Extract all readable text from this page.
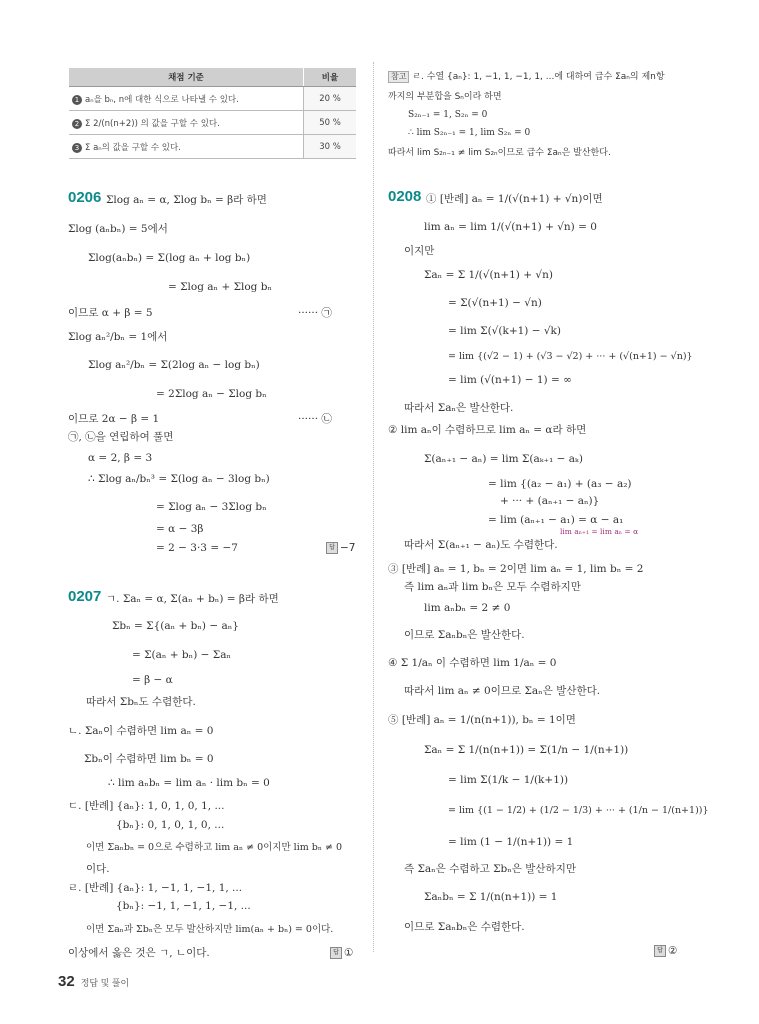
채점 기준	비율
1 aₙ을 bₙ, n에 대한 식으로 나타낼 수 있다.	20 %
2 Σ 2/(n(n+2)) 의 값을 구할 수 있다.	50 %
3 Σ aₙ의 값을 구할 수 있다.	30 %
0206 Σlog aₙ = α, Σlog bₙ = β라 하면
Σlog (aₙbₙ) = 5에서
Σlog(aₙbₙ) = Σ(log aₙ + log bₙ)
= Σlog aₙ + Σlog bₙ
이므로 α + β = 5	······ ㉠
Σlog aₙ²/bₙ = 1에서
Σlog aₙ²/bₙ = Σ(2log aₙ − log bₙ)
= 2Σlog aₙ − Σlog bₙ
이므로 2α − β = 1	······ ㉡
㉠, ㉡을 연립하여 풀면
α = 2, β = 3
∴ Σlog aₙ/bₙ³ = Σ(log aₙ − 3log bₙ)
= Σlog aₙ − 3Σlog bₙ
= α − 3β
= 2 − 3·3 = −7	답 −7
0207 ㄱ. Σaₙ = α, Σ(aₙ + bₙ) = β라 하면
Σbₙ = Σ{(aₙ + bₙ) − aₙ}
= Σ(aₙ + bₙ) − Σaₙ
= β − α
따라서 Σbₙ도 수렴한다.
ㄴ. Σaₙ이 수렴하면 lim aₙ = 0
Σbₙ이 수렴하면 lim bₙ = 0
∴ lim aₙbₙ = lim aₙ · lim bₙ = 0
ㄷ. [반례] {aₙ}: 1, 0, 1, 0, 1, ...
{bₙ}: 0, 1, 0, 1, 0, ...
이면 Σaₙbₙ = 0으로 수렴하고 lim aₙ ≠ 0이지만 lim bₙ ≠ 0
이다.
ㄹ. [반례] {aₙ}: 1, −1, 1, −1, 1, ...
{bₙ}: −1, 1, −1, 1, −1, ...
이면 Σaₙ과 Σbₙ은 모두 발산하지만 lim(aₙ + bₙ) = 0이다.
이상에서 옳은 것은 ㄱ, ㄴ이다.	답 ①
참고 ㄹ. 수열 {aₙ}: 1, −1, 1, −1, 1, ...에 대하여 급수 Σaₙ의 제n항
까지의 부분합을 Sₙ이라 하면
S₂ₙ₋₁ = 1, S₂ₙ = 0
∴ lim S₂ₙ₋₁ = 1, lim S₂ₙ = 0
따라서 lim S₂ₙ₋₁ ≠ lim S₂ₙ이므로 급수 Σaₙ은 발산한다.
0208 ① [반례] aₙ = 1/(√(n+1) + √n)이면
lim aₙ = lim 1/(√(n+1) + √n) = 0
이지만
Σaₙ = Σ 1/(√(n+1) + √n)
= Σ(√(n+1) − √n)
= lim Σ(√(k+1) − √k)
= lim {(√2 − 1) + (√3 − √2) + ··· + (√(n+1) − √n)}
= lim (√(n+1) − 1) = ∞
따라서 Σaₙ은 발산한다.
② lim aₙ이 수렴하므로 lim aₙ = α라 하면
Σ(aₙ₊₁ − aₙ) = lim Σ(aₖ₊₁ − aₖ)
= lim {(a₂ − a₁) + (a₃ − a₂)
+ ··· + (aₙ₊₁ − aₙ)}
= lim (aₙ₊₁ − a₁) = α − a₁
lim aₙ₊₁ = lim aₙ = α
따라서 Σ(aₙ₊₁ − aₙ)도 수렴한다.
③ [반례] aₙ = 1, bₙ = 2이면 lim aₙ = 1, lim bₙ = 2
즉 lim aₙ과 lim bₙ은 모두 수렴하지만
lim aₙbₙ = 2 ≠ 0
이므로 Σaₙbₙ은 발산한다.
④ Σ 1/aₙ 이 수렴하면 lim 1/aₙ = 0
따라서 lim aₙ ≠ 0이므로 Σaₙ은 발산한다.
⑤ [반례] aₙ = 1/(n(n+1)), bₙ = 1이면
Σaₙ = Σ 1/(n(n+1)) = Σ(1/n − 1/(n+1))
= lim Σ(1/k − 1/(k+1))
= lim {(1 − 1/2) + (1/2 − 1/3) + ··· + (1/n − 1/(n+1))}
= lim (1 − 1/(n+1)) = 1
즉 Σaₙ은 수렴하고 Σbₙ은 발산하지만
Σaₙbₙ = Σ 1/(n(n+1)) = 1
이므로 Σaₙbₙ은 수렴한다.
답 ②
32 정답 및 풀이
